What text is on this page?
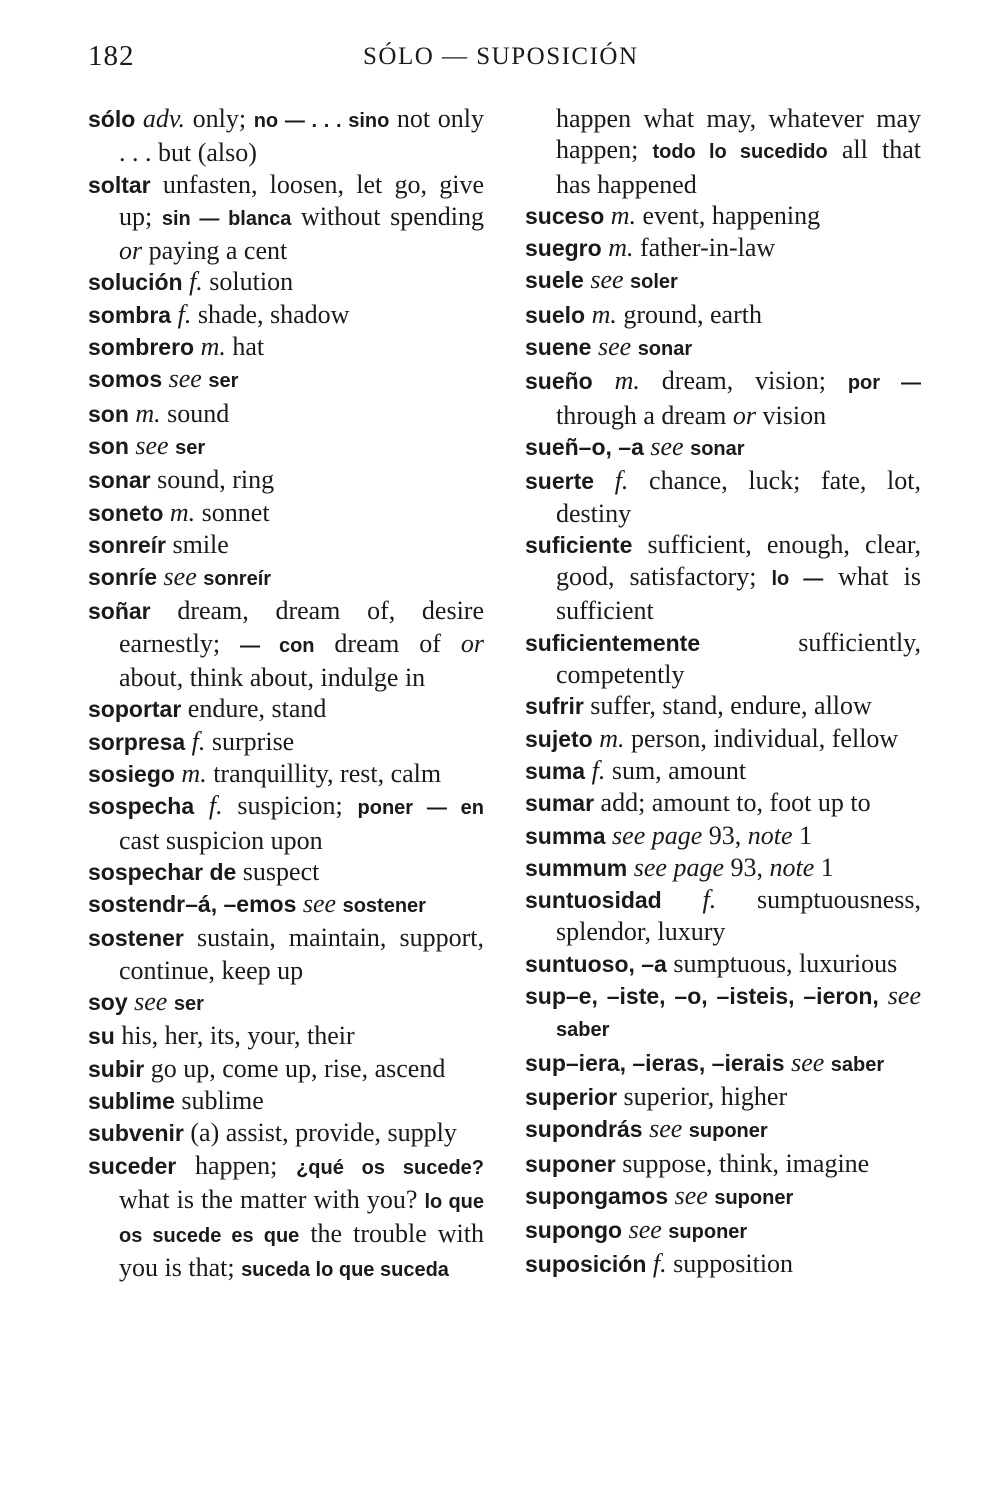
182	SÓLO — SUPOSICIÓN
sólo adv. only; no — . . . sino not only . . . but (also)
soltar unfasten, loosen, let go, give up; sin — blanca without spending or paying a cent
solución f. solution
sombra f. shade, shadow
sombrero m. hat
somos see ser
son m. sound
son see ser
sonar sound, ring
soneto m. sonnet
sonreír smile
sonríe see sonreír
soñar dream, dream of, desire earnestly; — con dream of or about, think about, indulge in
soportar endure, stand
sorpresa f. surprise
sosiego m. tranquillity, rest, calm
sospecha f. suspicion; poner — en cast suspicion upon
sospechar de suspect
sostendr–á, –emos see sostener
sostener sustain, maintain, support, continue, keep up
soy see ser
su his, her, its, your, their
subir go up, come up, rise, ascend
sublime sublime
subvenir (a) assist, provide, supply
suceder happen; ¿qué os sucede? what is the matter with you? lo que os sucede es que the trouble with you is that; suceda lo que suceda
happen what may, whatever may happen; todo lo sucedido all that has happened
suceso m. event, happening
suegro m. father-in-law
suele see soler
suelo m. ground, earth
suene see sonar
sueño m. dream, vision; por — through a dream or vision
sueñ–o, –a see sonar
suerte f. chance, luck; fate, lot, destiny
suficiente sufficient, enough, clear, good, satisfactory; lo — what is sufficient
suficientemente sufficiently, competently
sufrir suffer, stand, endure, allow
sujeto m. person, individual, fellow
suma f. sum, amount
sumar add; amount to, foot up to
summa see page 93, note 1
summum see page 93, note 1
suntuosidad f. sumptuousness, splendor, luxury
suntuoso, –a sumptuous, luxurious
sup–e, –iste, –o, –isteis, –ieron, see saber
sup–iera, –ieras, –ierais see saber
superior superior, higher
supondrás see suponer
suponer suppose, think, imagine
supongamos see suponer
supongo see suponer
suposición f. supposition
